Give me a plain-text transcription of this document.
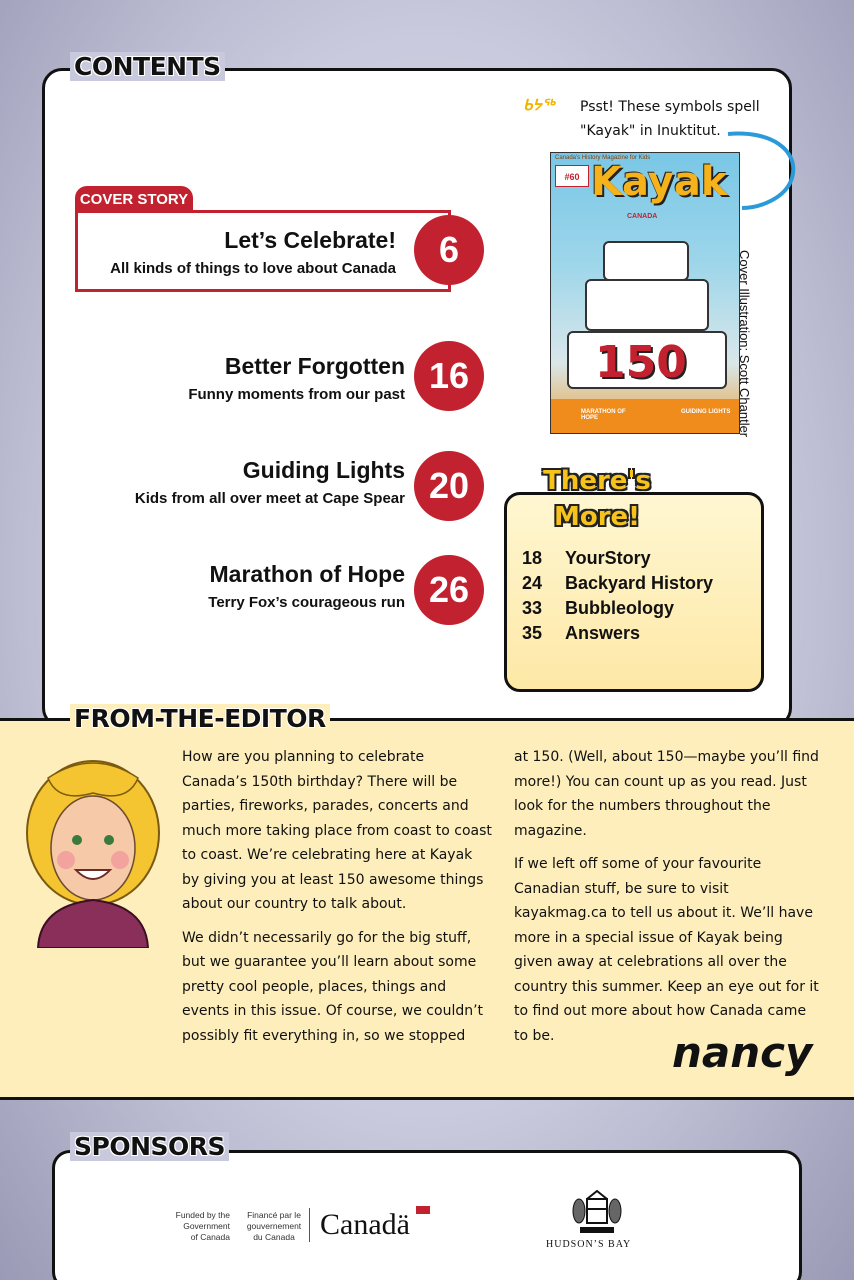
CONTENTS
COVER STORY
Let’s Celebrate!
All kinds of things to love about Canada	6
Better Forgotten
Funny moments from our past 16
Guiding Lights
Kids from all over meet at Cape Spear 20
Marathon of Hope
Terry Fox’s courageous run 26
ᑲᔭᖅ Psst! These symbols spell
"Kayak" in Inuktitut.
Canada's History Magazine for Kids
#60 Kayak
CANADA
150
MARATHON OF HOPE
GUIDING LIGHTS Cover Illustration: Scott Chantler
There's
More!
18 YourStory
24 Backyard History
33 Bubbleology
35 Answers
FROM-THE-EDITOR

How are you planning to celebrate Canada’s 150th birthday? There will be parties, fireworks, parades, concerts and much more taking place from coast to coast to coast. We’re celebrating here at Kayak by giving you at least 150 awesome things about our country to talk about.

We didn’t necessarily go for the big stuff, but we guarantee you’ll learn about some pretty cool people, places, things and events in this issue. Of course, we couldn’t possibly fit everything in, so we stopped

at 150. (Well, about 150—maybe you’ll find more!) You can count up as you read. Just look for the numbers throughout the magazine.

If we left off some of your favourite Canadian stuff, be sure to visit kayakmag.ca to tell us about it. We’ll have more in a special issue of Kayak being given away at celebrations all over the country this summer. Keep an eye out for it to find out more about how Canada came to be.	nancy
SPONSORS
Funded by the
Government
of Canada
Financé par le
gouvernement
du Canada Canadä
HUDSON’S BAY
